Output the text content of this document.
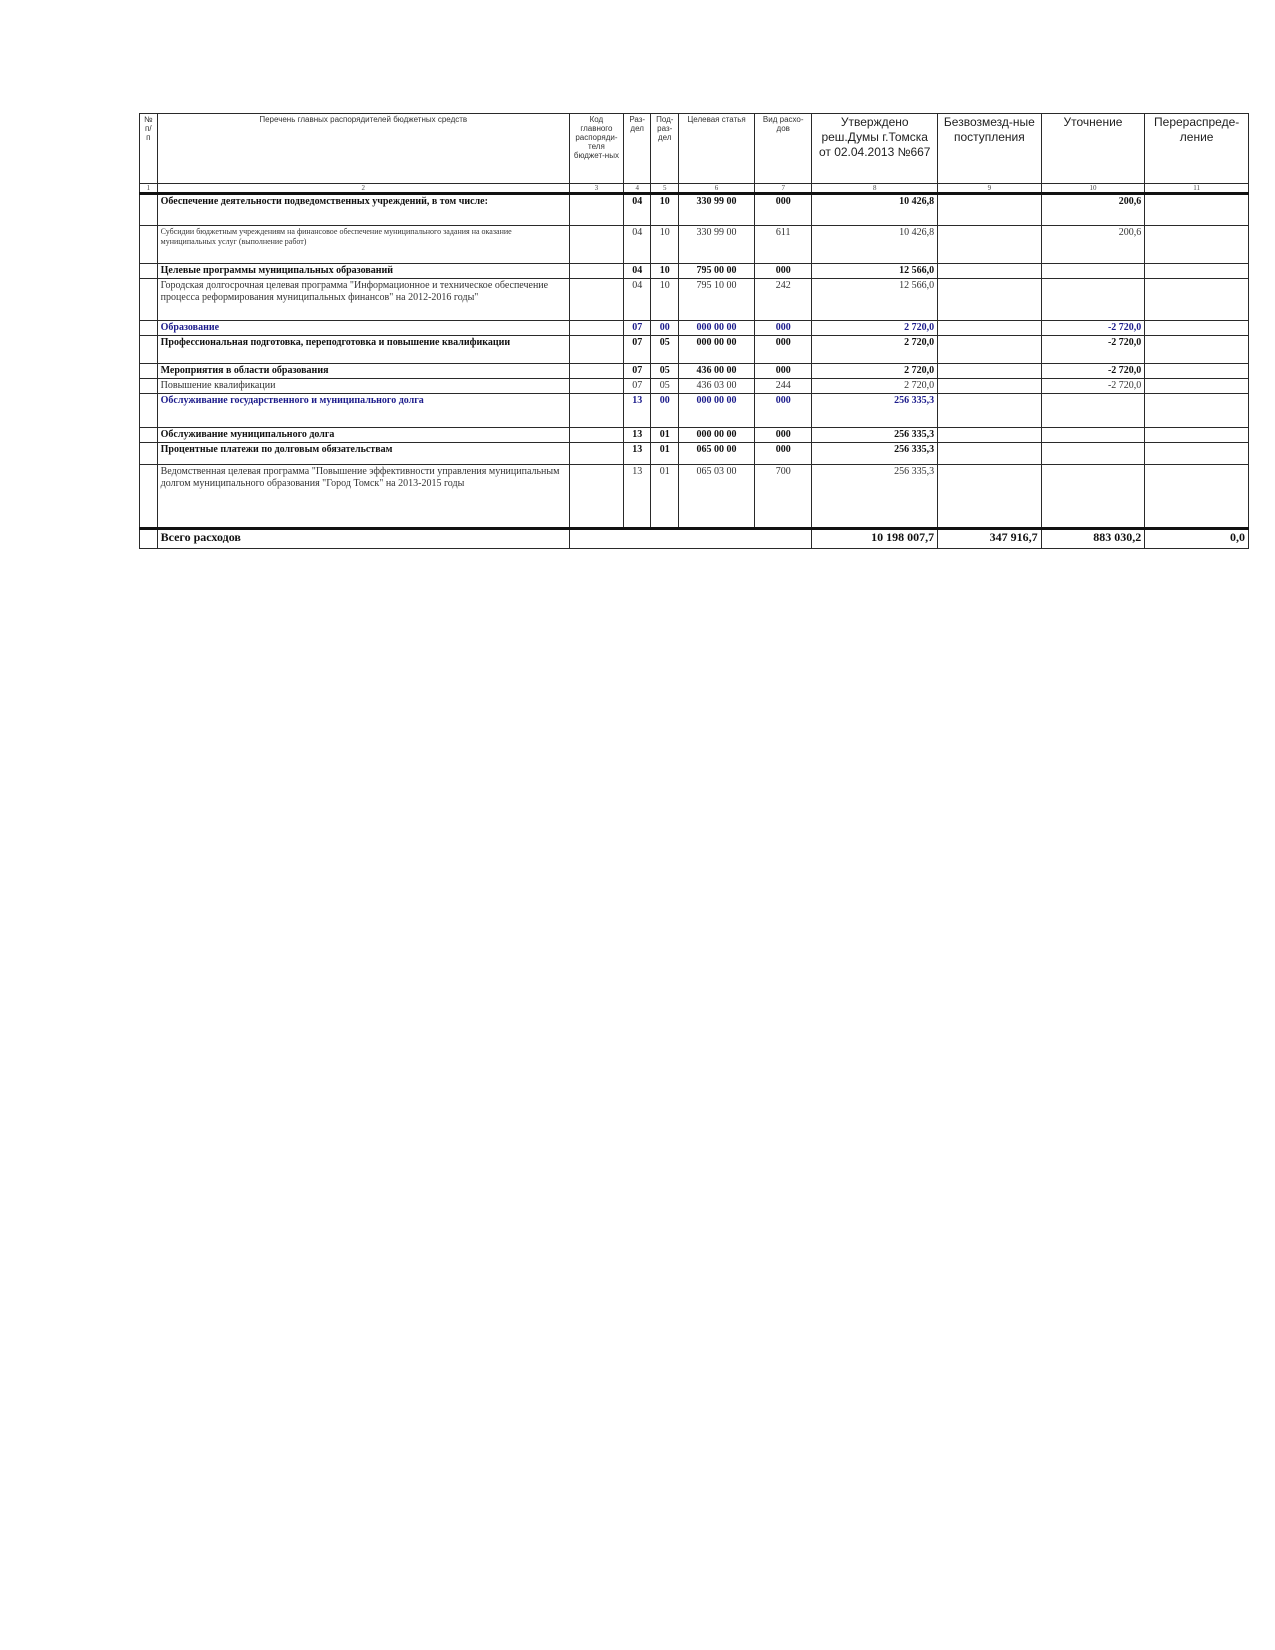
№ п/п	Перечень главных распорядителей бюджетных средств	Код главного распоряди-теля бюджет-ных	Раз-дел	Под-раз-дел	Целевая статья	Вид расхо-дов	Утверждено реш.Думы г.Томска от 02.04.2013 №667	Безвозмезд-ные поступления	Уточнение	Перераспреде-ление
1	2	3	4	5	6	7	8	9	10	11
	Обеспечение деятельности подведомственных учреждений, в том числе:		04	10	330 99 00	000	10 426,8		200,6	
	Субсидии бюджетным учреждениям на финансовое обеспечение муниципального задания на оказание муниципальных услуг (выполнение работ)		04	10	330 99 00	611	10 426,8		200,6	
	Целевые программы муниципальных образований		04	10	795 00 00	000	12 566,0			
	Городская долгосрочная целевая программа "Информационное и техническое обеспечение процесса реформирования муниципальных финансов" на 2012-2016 годы"		04	10	795 10 00	242	12 566,0			
	Образование		07	00	000 00 00	000	2 720,0		-2 720,0	
	Профессиональная подготовка, переподготовка и повышение квалификации		07	05	000 00 00	000	2 720,0		-2 720,0	
	Мероприятия в области образования		07	05	436 00 00	000	2 720,0		-2 720,0	
	Повышение квалификации		07	05	436 03 00	244	2 720,0		-2 720,0	
	Обслуживание государственного и муниципального долга		13	00	000 00 00	000	256 335,3			
	Обслуживание муниципального долга		13	01	000 00 00	000	256 335,3			
	Процентные платежи по долговым обязательствам		13	01	065 00 00	000	256 335,3			
	Ведомственная целевая программа "Повышение эффективности управления муниципальным долгом муниципального образования "Город Томск" на 2013-2015 годы		13	01	065 03 00	700	256 335,3			
	Всего расходов						10 198 007,7	347 916,7	883 030,2	0,0
